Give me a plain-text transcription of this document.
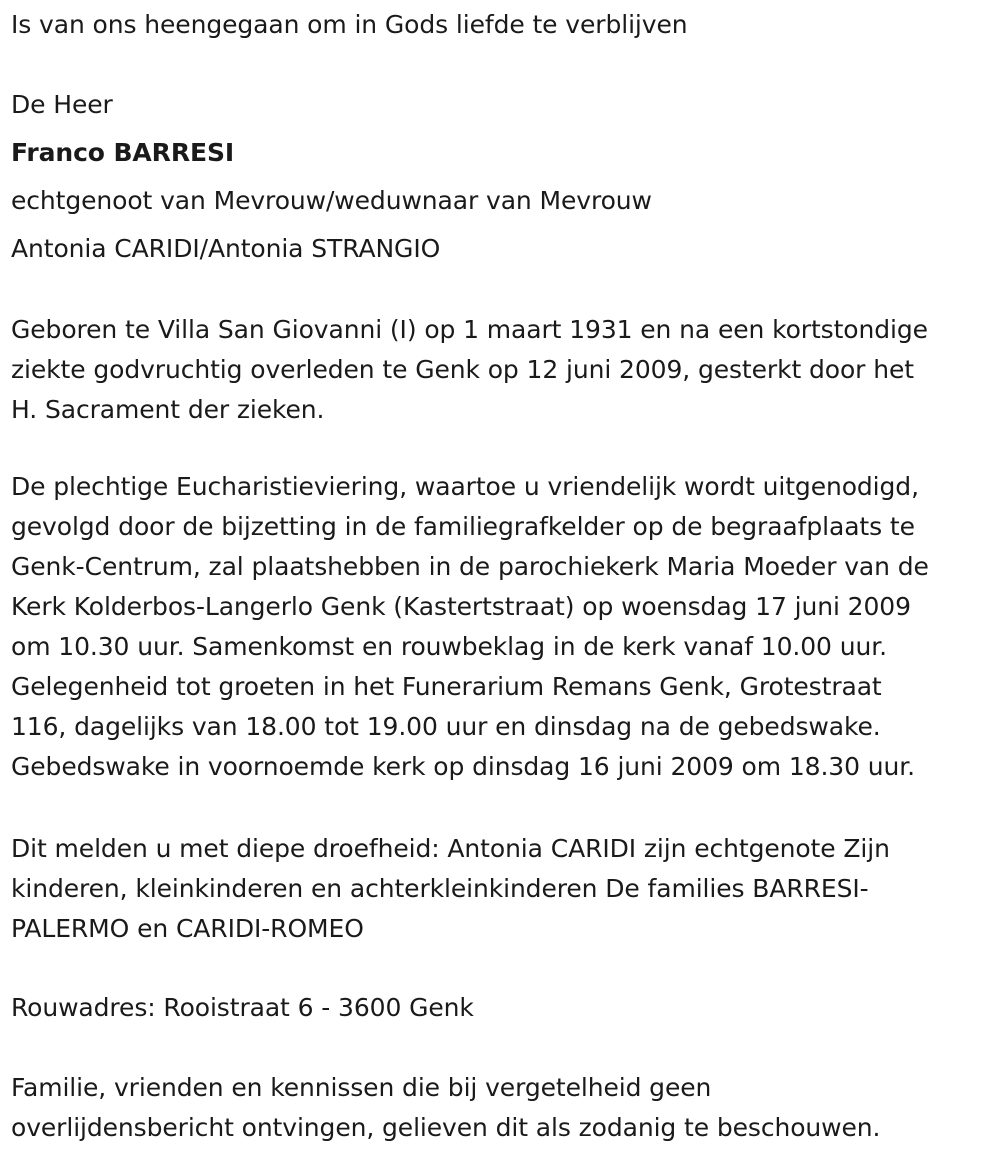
Is van ons heengegaan om in Gods liefde te verblijven
De Heer
Franco BARRESI
echtgenoot van Mevrouw/weduwnaar van Mevrouw
Antonia CARIDI/Antonia STRANGIO
Geboren te Villa San Giovanni (I) op 1 maart 1931 en na een kortstondige
ziekte godvruchtig overleden te Genk op 12 juni 2009, gesterkt door het
H. Sacrament der zieken.
De plechtige Eucharistieviering, waartoe u vriendelijk wordt uitgenodigd,
gevolgd door de bijzetting in de familiegrafkelder op de begraafplaats te
Genk-Centrum, zal plaatshebben in de parochiekerk Maria Moeder van de
Kerk Kolderbos-Langerlo Genk (Kastertstraat) op woensdag 17 juni 2009
om 10.30 uur. Samenkomst en rouwbeklag in de kerk vanaf 10.00 uur.
Gelegenheid tot groeten in het Funerarium Remans Genk, Grotestraat
116, dagelijks van 18.00 tot 19.00 uur en dinsdag na de gebedswake.
Gebedswake in voornoemde kerk op dinsdag 16 juni 2009 om 18.30 uur.
Dit melden u met diepe droefheid: Antonia CARIDI zijn echtgenote Zijn
kinderen, kleinkinderen en achterkleinkinderen De families BARRESI-
PALERMO en CARIDI-ROMEO
Rouwadres: Rooistraat 6 - 3600 Genk
Familie, vrienden en kennissen die bij vergetelheid geen
overlijdensbericht ontvingen, gelieven dit als zodanig te beschouwen.
